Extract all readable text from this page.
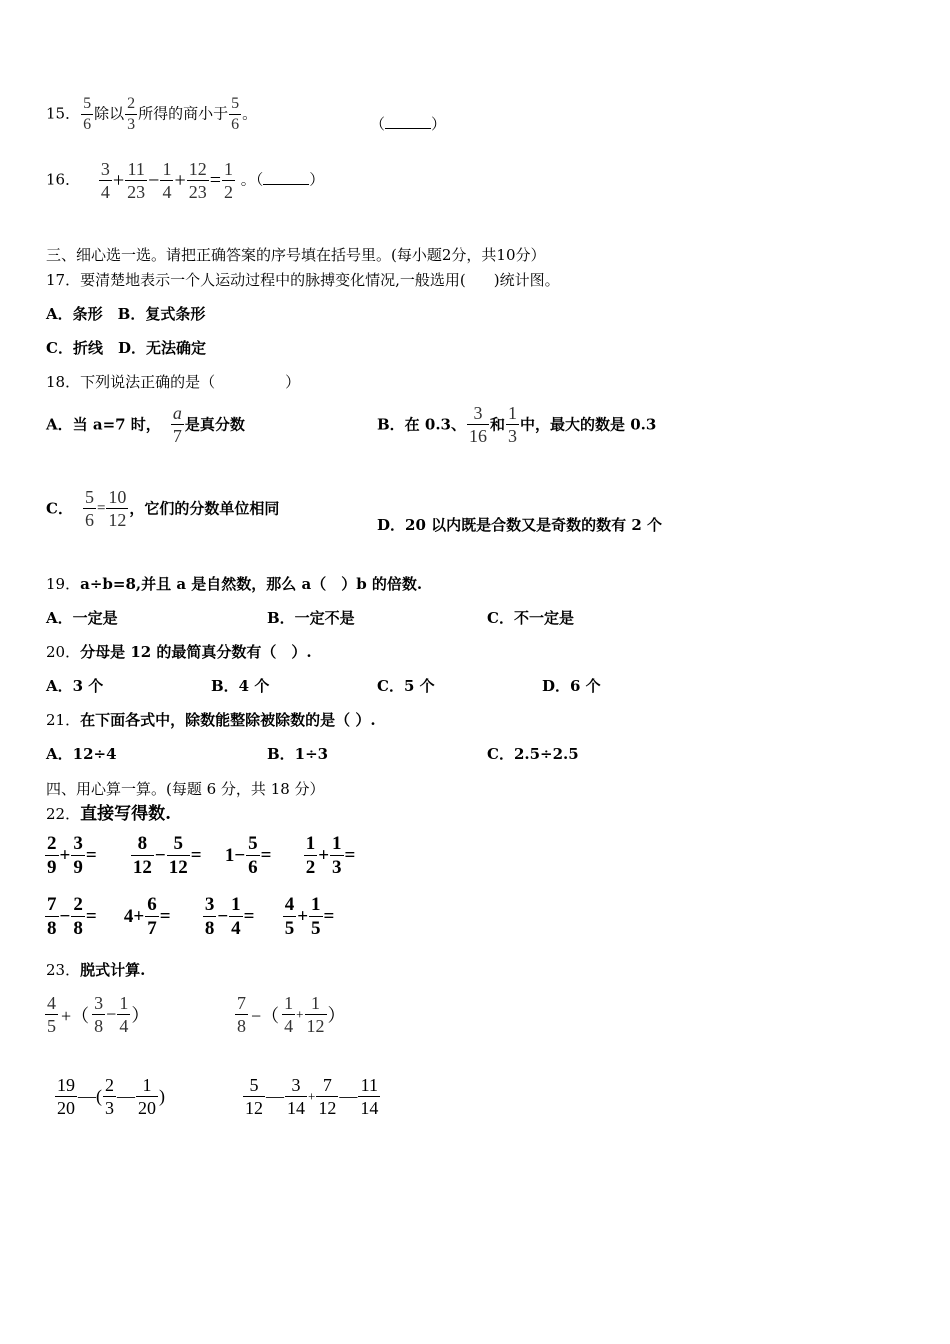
15． $\frac{5}{6}$ 除以 $\frac{2}{3}$ 所得的商小于 $\frac{5}{6}$ 。
（	）
16． $\frac{3}{4} + \frac{11}{23} - \frac{1}{4} + \frac{12}{23} = \frac{1}{2}$ 。（	）
三、细心选一选。请把正确答案的序号填在括号里。(每小题2分，共10分）
17．要清楚地表示一个人运动过程中的脉搏变化情况,一般选用( )统计图。
A．条形　B．复式条形
C．折线　D．无法确定
18．下列说法正确的是（	）
A．当 a=7 时， $\frac{a}{7}$ 是真分数	B．在 0.3、 $\frac{3}{16}$ 和 $\frac{1}{3}$ 中，最大的数是 0.3
C． $\frac{5}{6} = \frac{10}{12}$ ，它们的分数单位相同
D．20 以内既是合数又是奇数的数有 2 个
19．a÷b=8,并且 a 是自然数，那么 a（　）b 的倍数.
A．一定是	B．一定不是	C．不一定是
20．分母是 12 的最简真分数有（　）.
A．3 个	B．4 个	C．5 个	D．6 个
21．在下面各式中，除数能整除被除数的是（ ）.
A．12÷4	B．1÷3	C．2.5÷2.5
四、用心算一算。(每题 6 分，共 18 分）
22．直接写得数.
$\frac{2}{9} + \frac{3}{9} = \frac{8}{12} - \frac{5}{12} = 1- \frac{5}{6} = \frac{1}{2} + \frac{1}{3}$ =
$\frac{7}{8} - \frac{2}{8} = 4+ \frac{6}{7} = \frac{3}{8} - \frac{1}{4} = \frac{4}{5} + \frac{1}{5}$ =
23．脱式计算.
$\frac{4}{5}$ +（ $\frac{3}{8} - \frac{1}{4}$ ）	$\frac{7}{8}$ −（ $\frac{1}{4} + \frac{1}{12}$ ）
$\frac{19}{20}$ —( $\frac{2}{3}$ — $\frac{1}{20}$ )	$\frac{5}{12}$ — $\frac{3}{14} + \frac{7}{12}$ — $\frac{11}{14}$
